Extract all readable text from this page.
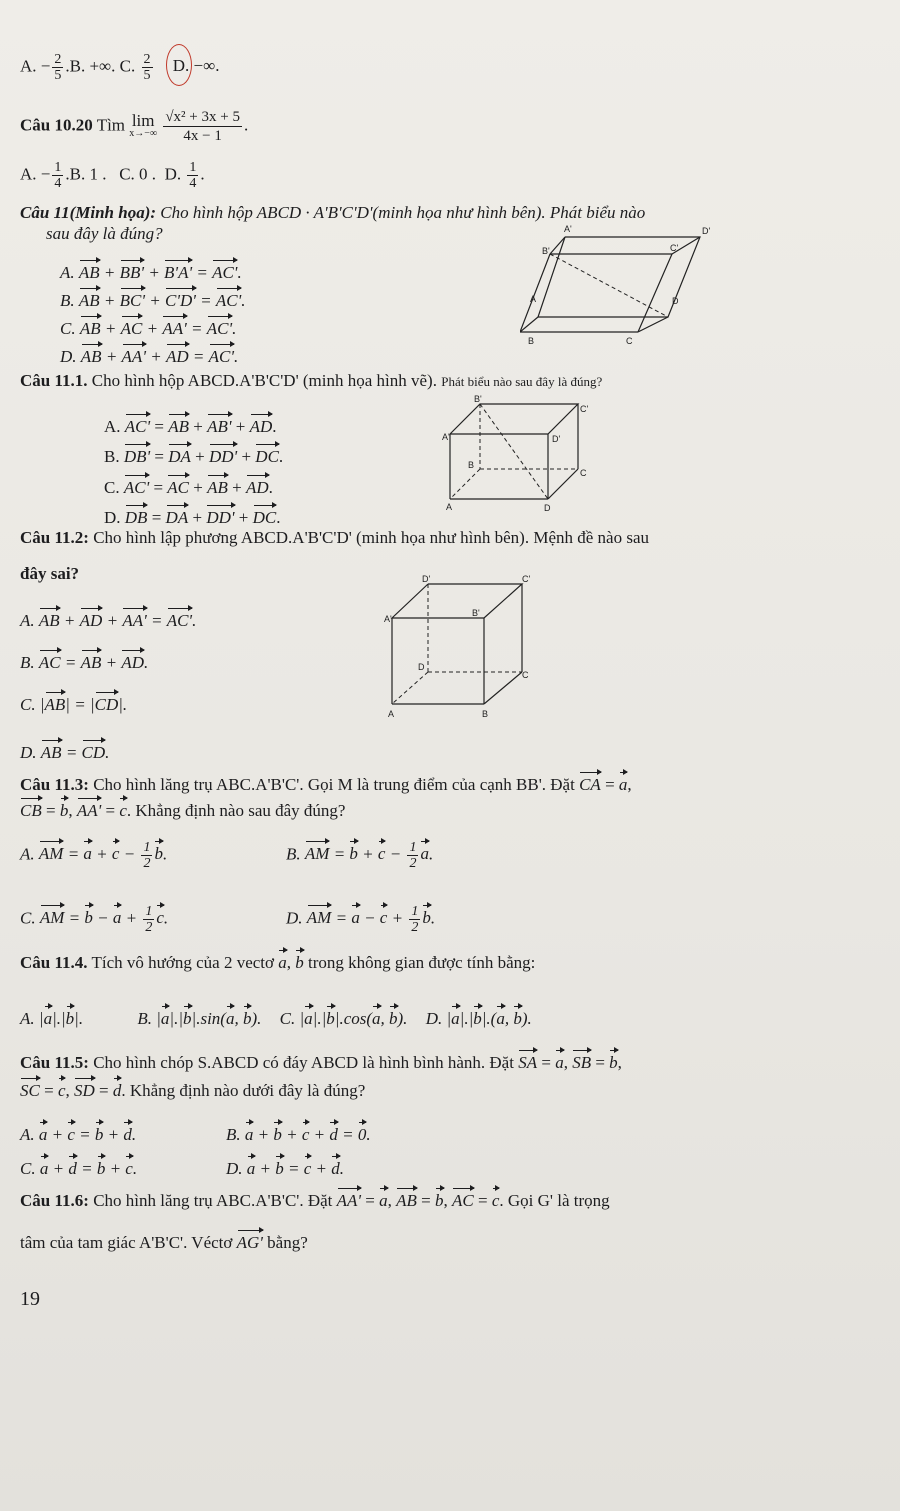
A. − $\frac{2}{5} .B$. +∞. C. $\frac{2}{5} D$. −∞.
Câu 10.20 Tìm lim
x→−∞
$\frac{\text{√x² + 3x + 5}}{4x - 1}$ .
A. − $\frac{1}{4} .B$. 1 . C. 0 . D. $\frac{1}{4}$ .
Câu 11(Minh họa): Cho hình hộp ABCD · A'B'C'D'(minh họa như hình bên). Phát biểu nào
sau đây là đúng?
A. AB + BB' + B'A' = AC'.
B. AB + BC' + C'D' = AC'.
C. AB + AC + AA' = AC'.
D. AB + AA' + AD = AC'.
A'	D'
B'	C'
A	D
B	C
Câu 11.1. Cho hình hộp ABCD.A'B'C'D' (minh họa hình vẽ). Phát biểu nào sau đây là đúng?
A. AC' = AB + AB' + AD.
B. DB' = DA + DD' + DC.
C. AC' = AC + AB + AD.
D. DB = DA + DD' + DC.
B'
C'
A'	D'
B
C
A	D
Câu 11.2: Cho hình lập phương ABCD.A'B'C'D' (minh họa như hình bên). Mệnh đề nào sau
đây sai?
A. AB + AD + AA' = AC'.
B. AC = AB + AD.
C. |AB| = |CD|.
D. AB = CD.
D'	C'
A'
B'
D
C
A	B
Câu 11.3: Cho hình lăng trụ ABC.A'B'C'. Gọi M là trung điểm của cạnh BB'. Đặt CA = a,
CB = b, AA' = c. Khẳng định nào sau đây đúng?
A. AM = $a + c - \frac{1}{2} b$.	B. AM = $b + c - \frac{1}{2} a$.
C. AM = $b - a + \frac{1}{2} c$.	D. AM = $a - c + \frac{1}{2} b$.
Câu 11.4. Tích vô hướng của 2 vectơ a, b trong không gian được tính bằng:
A. |a|.|b|.	B. |a|.|b|.sin(a, b). C. |a|.|b|.cos(a, b). D. |a|.|b|.(a, b).
Câu 11.5: Cho hình chóp S.ABCD có đáy ABCD là hình bình hành. Đặt SA = a, SB = b,
SC = c, SD = d. Khẳng định nào dưới đây là đúng?
A. a + c = b + d.	B. a + b + c + d = 0.
C. a + d = b + c.	D. a + b = c + d.
Câu 11.6: Cho hình lăng trụ ABC.A'B'C'. Đặt AA' = a, AB = b, AC = c. Gọi G' là trọng
tâm của tam giác A'B'C'. Véctơ AG' bằng?
19
